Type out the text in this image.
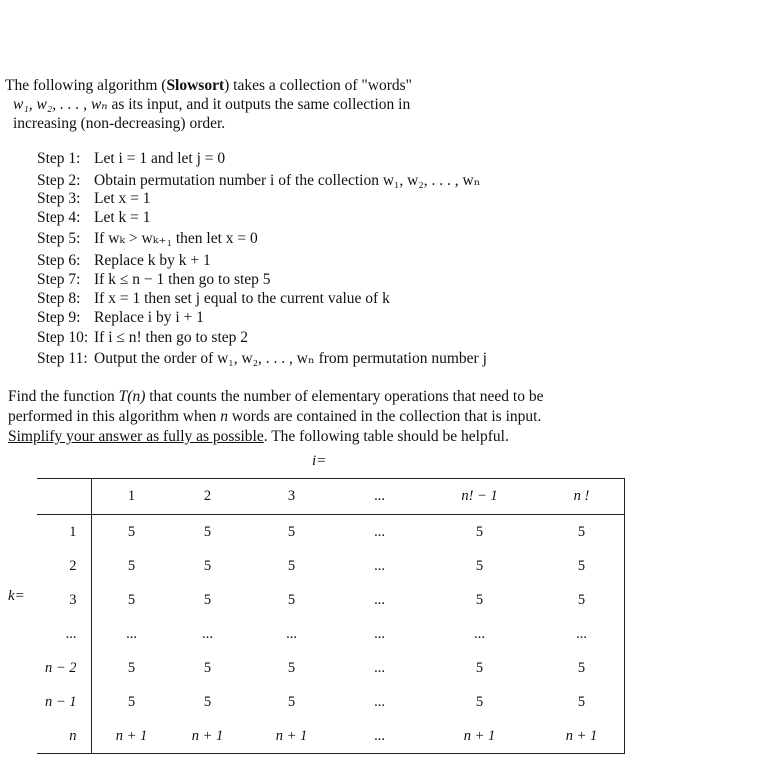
The following algorithm (Slowsort) takes a collection of "words"
w₁, w₂, . . . , wₙ as its input, and it outputs the same collection in
increasing (non-decreasing) order.
Step 1: Let i = 1 and let j = 0
Step 2: Obtain permutation number i of the collection w₁, w₂, . . . , wₙ
Step 3: Let x = 1
Step 4: Let k = 1
Step 5: If wₖ > wₖ₊₁ then let x = 0
Step 6: Replace k by k + 1
Step 7: If k ≤ n − 1 then go to step 5
Step 8: If x = 1 then set j equal to the current value of k
Step 9: Replace i by i + 1
Step 10: If i ≤ n! then go to step 2
Step 11: Output the order of w₁, w₂, . . . , wₙ from permutation number j
Find the function T(n) that counts the number of elementary operations that need to be
performed in this algorithm when n words are contained in the collection that is input.
Simplify your answer as fully as possible. The following table should be helpful.
i=
k=
	1	2	3	...	n! − 1	n !
1	5	5	5	...	5	5
2	5	5	5	...	5	5
3	5	5	5	...	5	5
...	...	...	...	...	...	...
n − 2	5	5	5	...	5	5
n − 1	5	5	5	...	5	5
n	n + 1	n + 1	n + 1	...	n + 1	n + 1
